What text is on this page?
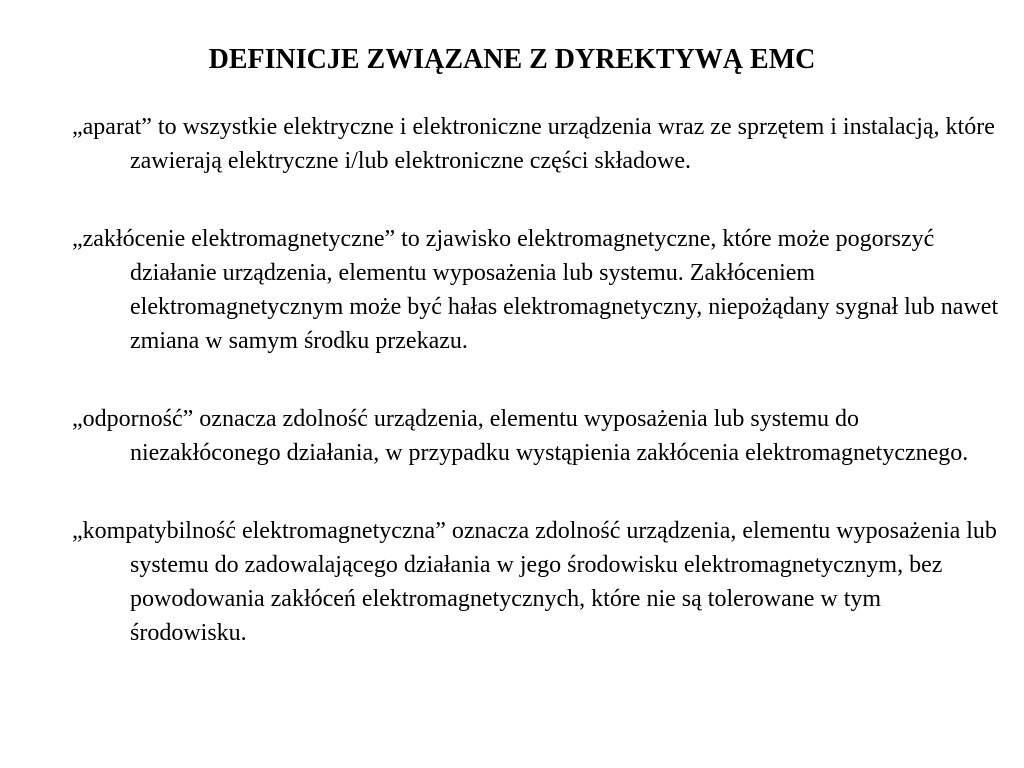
DEFINICJE ZWIĄZANE Z DYREKTYWĄ EMC
„aparat” to wszystkie elektryczne i elektroniczne urządzenia wraz ze sprzętem i instalacją, które zawierają elektryczne i/lub elektroniczne części składowe.
„zakłócenie elektromagnetyczne” to zjawisko elektromagnetyczne, które może pogorszyć działanie urządzenia, elementu wyposażenia lub systemu. Zakłóceniem elektromagnetycznym może być hałas elektromagnetyczny, niepożądany sygnał lub nawet zmiana w samym środku przekazu.
„odporność” oznacza zdolność urządzenia, elementu wyposażenia lub systemu do niezakłóconego działania, w przypadku wystąpienia zakłócenia elektromagnetycznego.
„kompatybilność elektromagnetyczna” oznacza zdolność urządzenia, elementu wyposażenia lub systemu do zadowalającego działania w jego środowisku elektromagnetycznym, bez powodowania zakłóceń elektromagnetycznych, które nie są tolerowane w tym środowisku.
